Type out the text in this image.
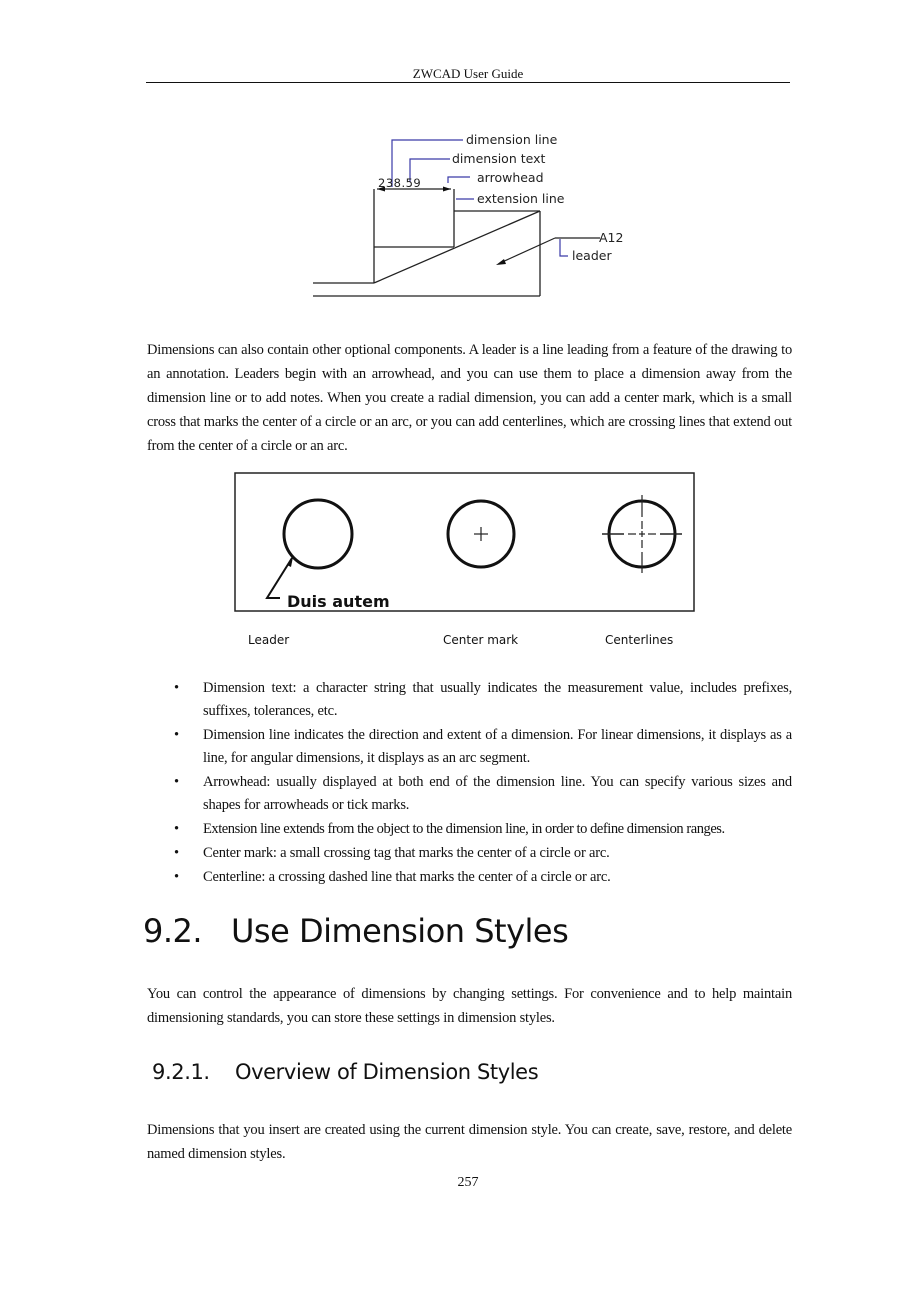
ZWCAD User Guide
238.59
dimension line
dimension text
arrowhead
extension line
A12
leader
Dimensions can also contain other optional components. A leader is a line leading from a feature of the drawing to an annotation. Leaders begin with an arrowhead, and you can use them to place a dimension away from the dimension line or to add notes. When you create a radial dimension, you can add a center mark, which is a small cross that marks the center of a circle or an arc, or you can add centerlines, which are crossing lines that extend out from the center of a circle or an arc.
Duis autem
Leader	Center mark	Centerlines
• Dimension text: a character string that usually indicates the measurement value, includes prefixes, suffixes, tolerances, etc.
• Dimension line indicates the direction and extent of a dimension. For linear dimensions, it displays as a line, for angular dimensions, it displays as an arc segment.
• Arrowhead: usually displayed at both end of the dimension line. You can specify various sizes and shapes for arrowheads or tick marks.
• Extension line extends from the object to the dimension line, in order to define dimension ranges.
• Center mark: a small crossing tag that marks the center of a circle or arc.
• Centerline: a crossing dashed line that marks the center of a circle or arc.
9.2. Use Dimension Styles
You can control the appearance of dimensions by changing settings. For convenience and to help maintain dimensioning standards, you can store these settings in dimension styles.
9.2.1. Overview of Dimension Styles
Dimensions that you insert are created using the current dimension style. You can create, save, restore, and delete named dimension styles.
257
